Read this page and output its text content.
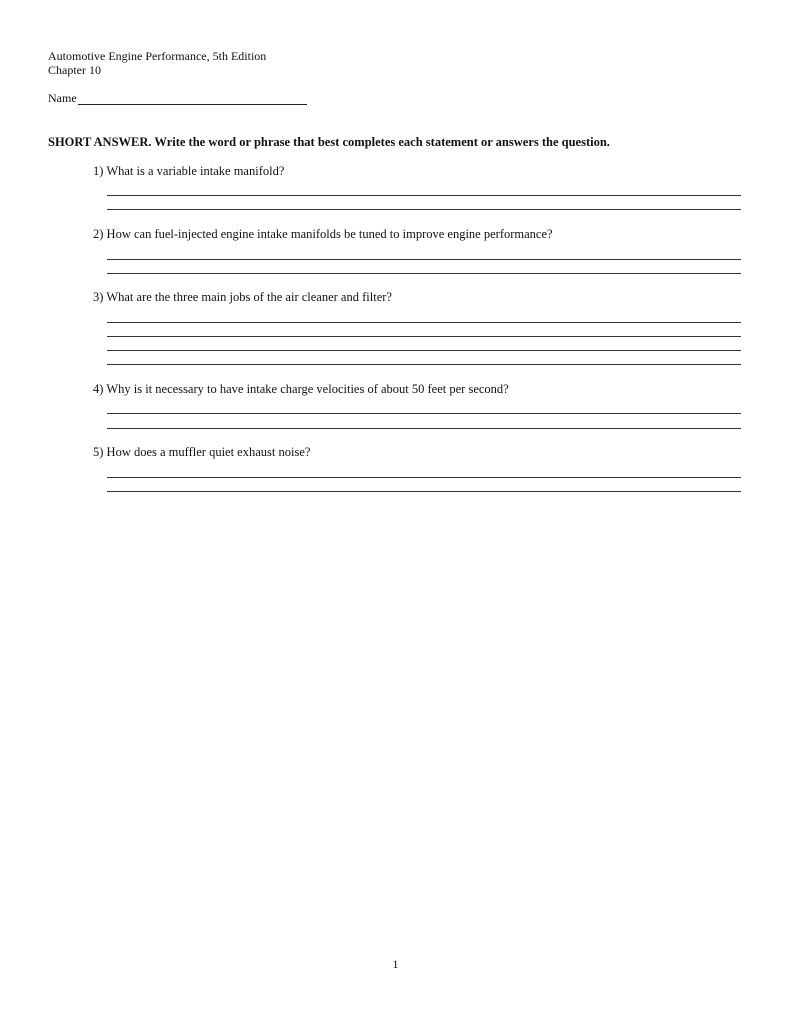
Automotive Engine Performance, 5th Edition
Chapter 10
Name
SHORT ANSWER. Write the word or phrase that best completes each statement or answers the question.
1) What is a variable intake manifold?
2) How can fuel-injected engine intake manifolds be tuned to improve engine performance?
3) What are the three main jobs of the air cleaner and filter?
4) Why is it necessary to have intake charge velocities of about 50 feet per second?
5) How does a muffler quiet exhaust noise?
1
